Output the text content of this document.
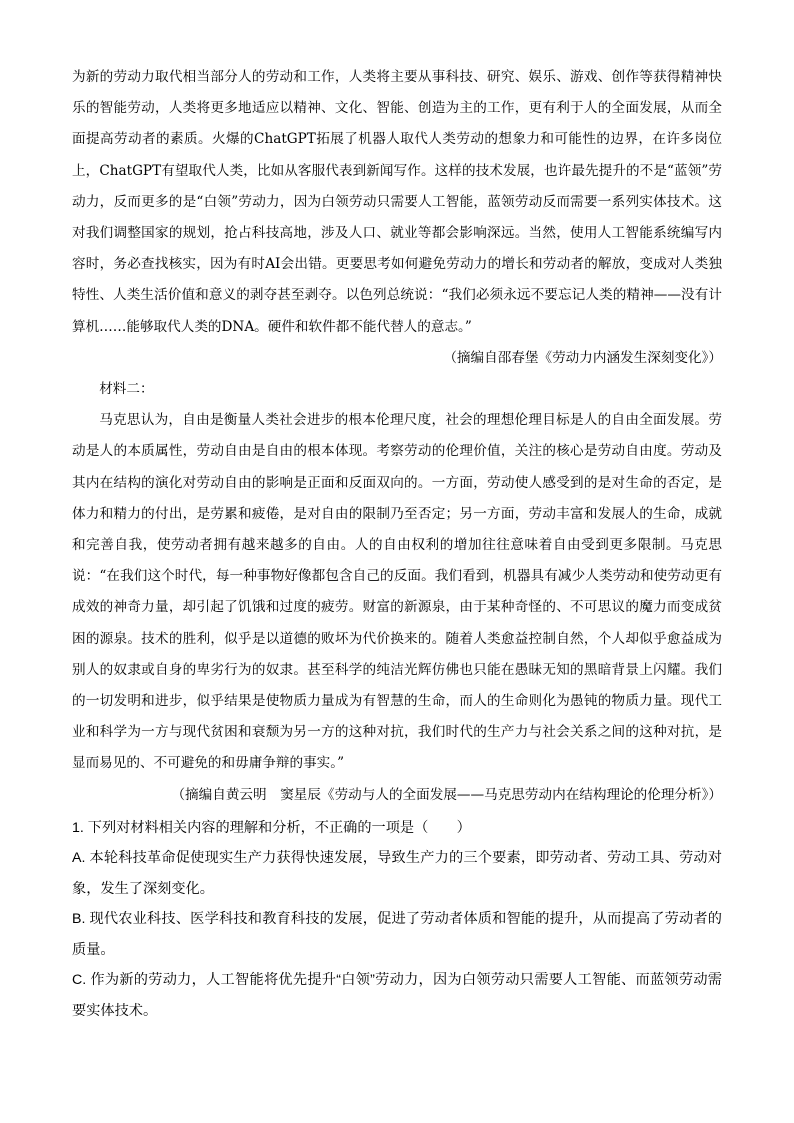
为新的劳动力取代相当部分人的劳动和工作，人类将主要从事科技、研究、娱乐、游戏、创作等获得精神快乐的智能劳动，人类将更多地适应以精神、文化、智能、创造为主的工作，更有利于人的全面发展，从而全面提高劳动者的素质。火爆的ChatGPT拓展了机器人取代人类劳动的想象力和可能性的边界，在许多岗位上，ChatGPT有望取代人类，比如从客服代表到新闻写作。这样的技术发展，也许最先提升的不是“蓝领”劳动力，反而更多的是“白领”劳动力，因为白领劳动只需要人工智能，蓝领劳动反而需要一系列实体技术。这对我们调整国家的规划，抢占科技高地，涉及人口、就业等都会影响深远。当然，使用人工智能系统编写内容时，务必查找核实，因为有时AI会出错。更要思考如何避免劳动力的增长和劳动者的解放，变成对人类独特性、人类生活价值和意义的剥夺甚至剥夺。以色列总统说：“我们必须永远不要忘记人类的精神——没有计算机……能够取代人类的DNA。硬件和软件都不能代替人的意志。”

（摘编自邵春堡《劳动力内涵发生深刻变化》）

材料二：

马克思认为，自由是衡量人类社会进步的根本伦理尺度，社会的理想伦理目标是人的自由全面发展。劳动是人的本质属性，劳动自由是自由的根本体现。考察劳动的伦理价值，关注的核心是劳动自由度。劳动及其内在结构的演化对劳动自由的影响是正面和反面双向的。一方面，劳动使人感受到的是对生命的否定，是体力和精力的付出，是劳累和疲倦，是对自由的限制乃至否定；另一方面，劳动丰富和发展人的生命，成就和完善自我，使劳动者拥有越来越多的自由。人的自由权利的增加往往意味着自由受到更多限制。马克思说：“在我们这个时代，每一种事物好像都包含自己的反面。我们看到，机器具有减少人类劳动和使劳动更有成效的神奇力量，却引起了饥饿和过度的疲劳。财富的新源泉，由于某种奇怪的、不可思议的魔力而变成贫困的源泉。技术的胜利，似乎是以道德的败坏为代价换来的。随着人类愈益控制自然，个人却似乎愈益成为别人的奴隶或自身的卑劣行为的奴隶。甚至科学的纯洁光辉仿佛也只能在愚昧无知的黑暗背景上闪耀。我们的一切发明和进步，似乎结果是使物质力量成为有智慧的生命，而人的生命则化为愚钝的物质力量。现代工业和科学为一方与现代贫困和衰颓为另一方的这种对抗，我们时代的生产力与社会关系之间的这种对抗，是显而易见的、不可避免的和毋庸争辩的事实。”

（摘编自黄云明　窦星辰《劳动与人的全面发展——马克思劳动内在结构理论的伦理分析》）

1. 下列对材料相关内容的理解和分析，不正确的一项是（　　）

A. 本轮科技革命促使现实生产力获得快速发展，导致生产力的三个要素，即劳动者、劳动工具、劳动对象，发生了深刻变化。

B. 现代农业科技、医学科技和教育科技的发展，促进了劳动者体质和智能的提升，从而提高了劳动者的质量。

C. 作为新的劳动力，人工智能将优先提升“白领”劳动力，因为白领劳动只需要人工智能、而蓝领劳动需要实体技术。
